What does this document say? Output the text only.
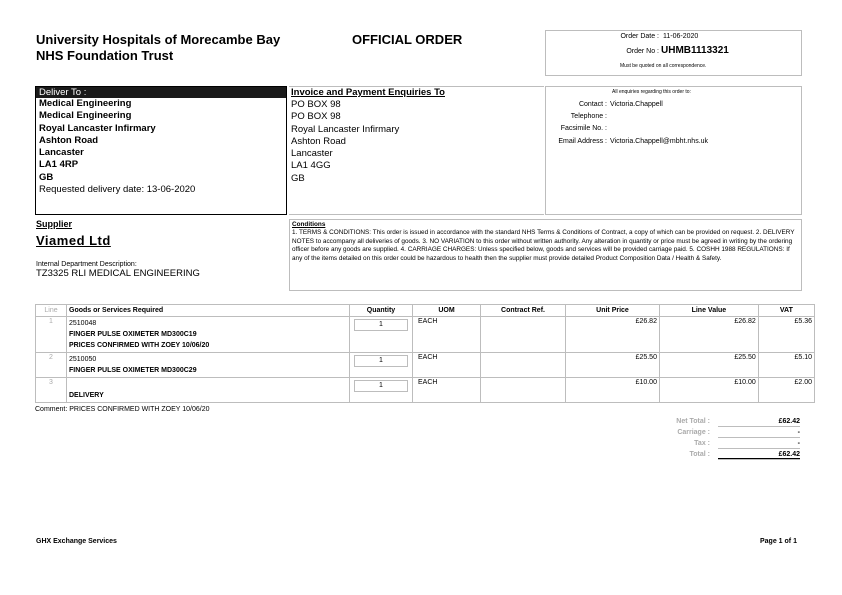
University Hospitals of Morecambe Bay NHS Foundation Trust
OFFICIAL ORDER	Order Date : 11-06-2020
Order No : UHMB1113321
Must be quoted on all correspondence.
Deliver To :
Medical Engineering
Medical Engineering
Royal Lancaster Infirmary
Ashton Road
Lancaster
LA1 4RP
GB
Requested delivery date: 13-06-2020
Invoice and Payment Enquiries To
PO BOX 98
PO BOX 98
Royal Lancaster Infirmary
Ashton Road
Lancaster
LA1 4GG
GB
All enquiries regarding this order to:
Contact : Victoria.Chappell
Telephone :
Facsimile No. :
Email Address : Victoria.Chappell@mbht.nhs.uk
Supplier
Viamed Ltd
Internal Department Description:
TZ3325 RLI MEDICAL ENGINEERING
Conditions
1. TERMS & CONDITIONS: This order is issued in accordance with the standard NHS Terms & Conditions of Contract, a copy of which can be provided on request. 2. DELIVERY NOTES to accompany all deliveries of goods. 3. NO VARIATION to this order without written authority. Any alteration in quantity or price must be agreed in writing by the ordering officer before any goods are supplied. 4. CARRIAGE CHARGES: Unless specified below, goods and services will be provided carriage paid. 5. COSHH 1988 REGULATIONS: If any of the items detailed on this order could be hazardous to health then the supplier must provide detailed Product Composition Data / Health & Safety.
Line	Goods or Services Required	Quantity	UOM	Contract Ref.	Unit Price	Line Value	VAT
1	2510048
FINGER PULSE OXIMETER MD300C19
PRICES CONFIRMED WITH ZOEY 10/06/20	1	EACH		£26.82	£26.82	£5.36
2	2510050
FINGER PULSE OXIMETER MD300C29	1	EACH		£25.50	£25.50	£5.10
3	DELIVERY	1	EACH		£10.00	£10.00	£2.00
Comment: PRICES CONFIRMED WITH ZOEY 10/06/20
Net Total :	£62.42
Carriage :	-
Tax :	-
Total :	£62.42
GHX Exchange Services	Page 1 of 1
